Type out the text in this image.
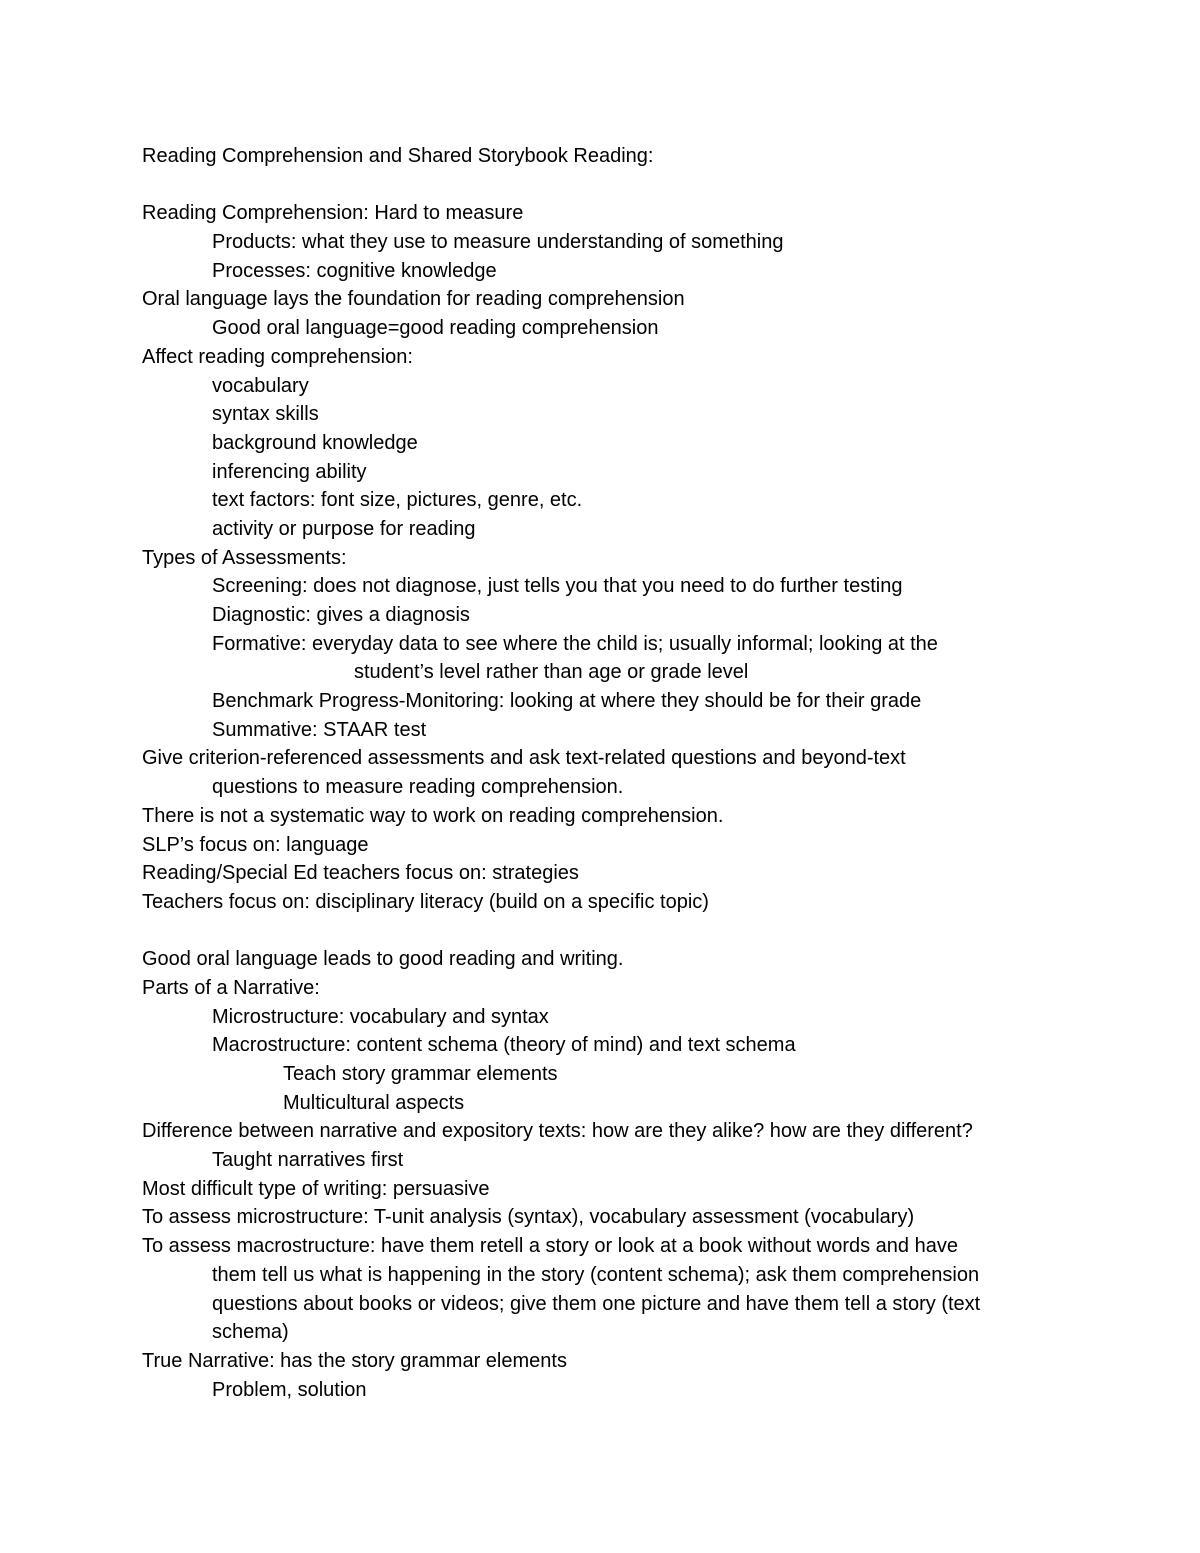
Reading Comprehension and Shared Storybook Reading:
Reading Comprehension: Hard to measure
Products: what they use to measure understanding of something
Processes: cognitive knowledge
Oral language lays the foundation for reading comprehension
Good oral language=good reading comprehension
Affect reading comprehension:
vocabulary
syntax skills
background knowledge
inferencing ability
text factors: font size, pictures, genre, etc.
activity or purpose for reading
Types of Assessments:
Screening: does not diagnose, just tells you that you need to do further testing
Diagnostic: gives a diagnosis
Formative: everyday data to see where the child is; usually informal; looking at the
student’s level rather than age or grade level
Benchmark Progress-Monitoring: looking at where they should be for their grade
Summative: STAAR test
Give criterion-referenced assessments and ask text-related questions and beyond-text
questions to measure reading comprehension.
There is not a systematic way to work on reading comprehension.
SLP’s focus on: language
Reading/Special Ed teachers focus on: strategies
Teachers focus on: disciplinary literacy (build on a specific topic)
Good oral language leads to good reading and writing.
Parts of a Narrative:
Microstructure: vocabulary and syntax
Macrostructure: content schema (theory of mind) and text schema
Teach story grammar elements
Multicultural aspects
Difference between narrative and expository texts: how are they alike? how are they different?
Taught narratives first
Most difficult type of writing: persuasive
To assess microstructure: T-unit analysis (syntax), vocabulary assessment (vocabulary)
To assess macrostructure: have them retell a story or look at a book without words and have
them tell us what is happening in the story (content schema); ask them comprehension
questions about books or videos; give them one picture and have them tell a story (text
schema)
True Narrative: has the story grammar elements
Problem, solution
